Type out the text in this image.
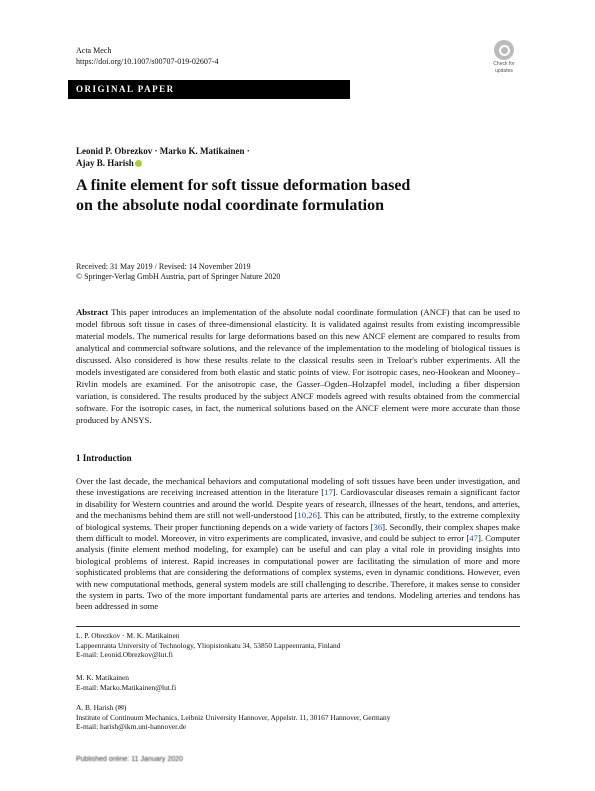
Acta Mech
https://doi.org/10.1007/s00707-019-02607-4	Check for
updates
ORIGINAL PAPER
Leonid P. Obrezkov · Marko K. Matikainen ·
Ajay B. Harish
A finite element for soft tissue deformation based
on the absolute nodal coordinate formulation
Received: 31 May 2019 / Revised: 14 November 2019
© Springer-Verlag GmbH Austria, part of Springer Nature 2020
Abstract This paper introduces an implementation of the absolute nodal coordinate formulation (ANCF) that can be used to model fibrous soft tissue in cases of three-dimensional elasticity. It is validated against results from existing incompressible material models. The numerical results for large deformations based on this new ANCF element are compared to results from analytical and commercial software solutions, and the relevance of the implementation to the modeling of biological tissues is discussed. Also considered is how these results relate to the classical results seen in Treloar's rubber experiments. All the models investigated are considered from both elastic and static points of view. For isotropic cases, neo-Hookean and Mooney–Rivlin models are examined. For the anisotropic case, the Gasser–Ogden–Holzapfel model, including a fiber dispersion variation, is considered. The results produced by the subject ANCF models agreed with results obtained from the commercial software. For the isotropic cases, in fact, the numerical solutions based on the ANCF element were more accurate than those produced by ANSYS.
1 Introduction
Over the last decade, the mechanical behaviors and computational modeling of soft tissues have been under investigation, and these investigations are receiving increased attention in the literature [17]. Cardiovascular diseases remain a significant factor in disability for Western countries and around the world. Despite years of research, illnesses of the heart, tendons, and arteries, and the mechanisms behind them are still not well-understood [10,26]. This can be attributed, firstly, to the extreme complexity of biological systems. Their proper functioning depends on a wide variety of factors [36]. Secondly, their complex shapes make them difficult to model. Moreover, in vitro experiments are complicated, invasive, and could be subject to error [47]. Computer analysis (finite element method modeling, for example) can be useful and can play a vital role in providing insights into biological problems of interest. Rapid increases in computational power are facilitating the simulation of more and more sophisticated problems that are considering the deformations of complex systems, even in dynamic conditions. However, even with new computational methods, general system models are still challenging to describe. Therefore, it makes sense to consider the system in parts. Two of the more important fundamental parts are arteries and tendons. Modeling arteries and tendons has been addressed in some
L. P. Obrezkov · M. K. Matikainen
Lappeenranta University of Technology, Yliopistonkatu 34, 53850 Lappeenranta, Finland
E-mail: Leonid.Obrezkov@lut.fi
M. K. Matikainen
E-mail: Marko.Matikainen@lut.fi
A. B. Harish (✉)
Institute of Continuum Mechanics, Leibniz University Hannover, Appelstr. 11, 30167 Hannover, Germany
E-mail: harish@ikm.uni-hannover.de
Published online: 11 January 2020
